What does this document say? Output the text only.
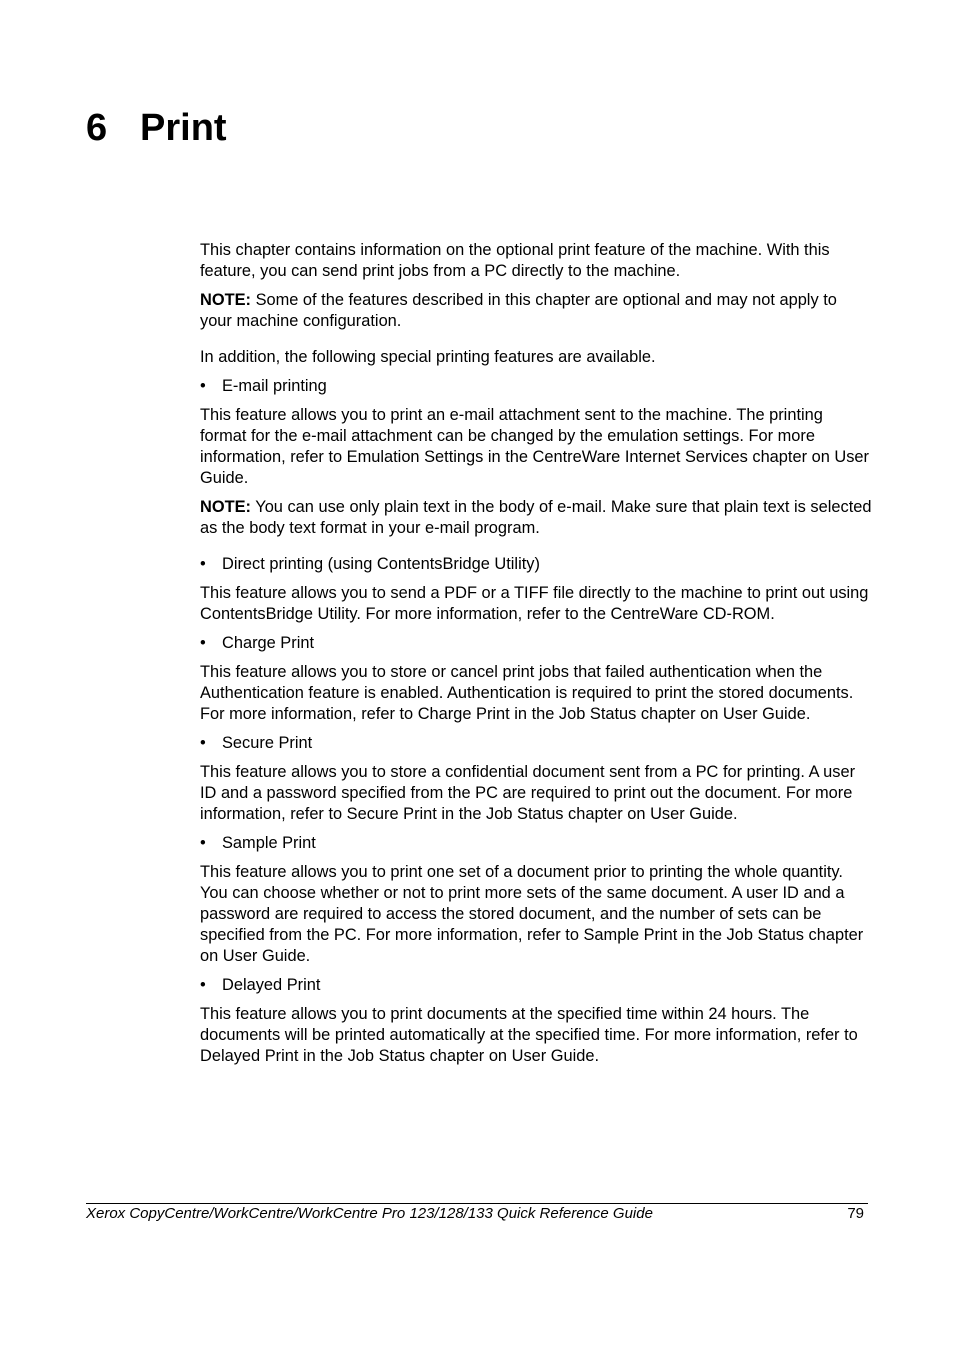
6 Print

This chapter contains information on the optional print feature of the machine. With this feature, you can send print jobs from a PC directly to the machine.

NOTE: Some of the features described in this chapter are optional and may not apply to your machine configuration.

In addition, the following special printing features are available.

• E-mail printing

This feature allows you to print an e-mail attachment sent to the machine. The printing format for the e-mail attachment can be changed by the emulation settings. For more information, refer to Emulation Settings in the CentreWare Internet Services chapter on User Guide.

NOTE: You can use only plain text in the body of e-mail. Make sure that plain text is selected as the body text format in your e-mail program.

• Direct printing (using ContentsBridge Utility)

This feature allows you to send a PDF or a TIFF file directly to the machine to print out using ContentsBridge Utility. For more information, refer to the CentreWare CD-ROM.

• Charge Print

This feature allows you to store or cancel print jobs that failed authentication when the Authentication feature is enabled. Authentication is required to print the stored documents. For more information, refer to Charge Print in the Job Status chapter on User Guide.

• Secure Print

This feature allows you to store a confidential document sent from a PC for printing. A user ID and a password specified from the PC are required to print out the document. For more information, refer to Secure Print in the Job Status chapter on User Guide.

• Sample Print

This feature allows you to print one set of a document prior to printing the whole quantity. You can choose whether or not to print more sets of the same document. A user ID and a password are required to access the stored document, and the number of sets can be specified from the PC. For more information, refer to Sample Print in the Job Status chapter on User Guide.

• Delayed Print

This feature allows you to print documents at the specified time within 24 hours. The documents will be printed automatically at the specified time. For more information, refer to Delayed Print in the Job Status chapter on User Guide.

Xerox CopyCentre/WorkCentre/WorkCentre Pro 123/128/133 Quick Reference Guide	79
